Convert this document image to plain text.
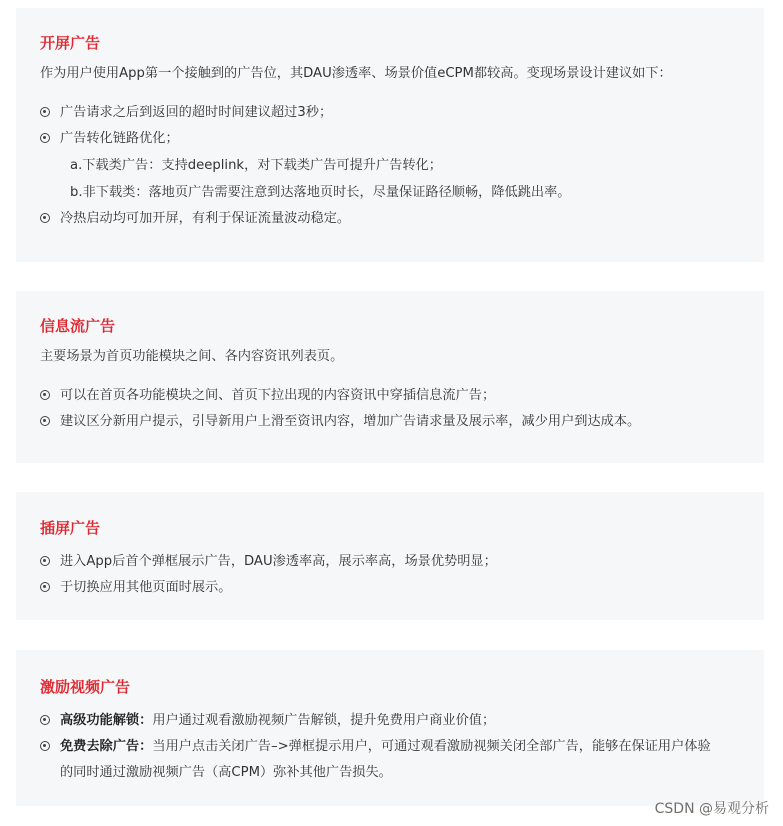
开屏广告

作为用户使用App第一个接触到的广告位，其DAU渗透率、场景价值eCPM都较高。变现场景设计建议如下：

广告请求之后到返回的超时时间建议超过3秒；
广告转化链路优化；

a.下载类广告：支持deeplink，对下载类广告可提升广告转化；

b.非下载类：落地页广告需要注意到达落地页时长，尽量保证路径顺畅，降低跳出率。

冷热启动均可加开屏，有利于保证流量波动稳定。
信息流广告

主要场景为首页功能模块之间、各内容资讯列表页。

可以在首页各功能模块之间、首页下拉出现的内容资讯中穿插信息流广告；
建议区分新用户提示，引导新用户上滑至资讯内容，增加广告请求量及展示率，减少用户到达成本。
插屏广告
进入App后首个弹框展示广告，DAU渗透率高，展示率高，场景优势明显；
于切换应用其他页面时展示。
激励视频广告
高级功能解锁：用户通过观看激励视频广告解锁，提升免费用户商业价值；
免费去除广告：当用户点击关闭广告–>弹框提示用户，可通过观看激励视频关闭全部广告，能够在保证用户体验
的同时通过激励视频广告（高CPM）弥补其他广告损失。
CSDN @易观分析
